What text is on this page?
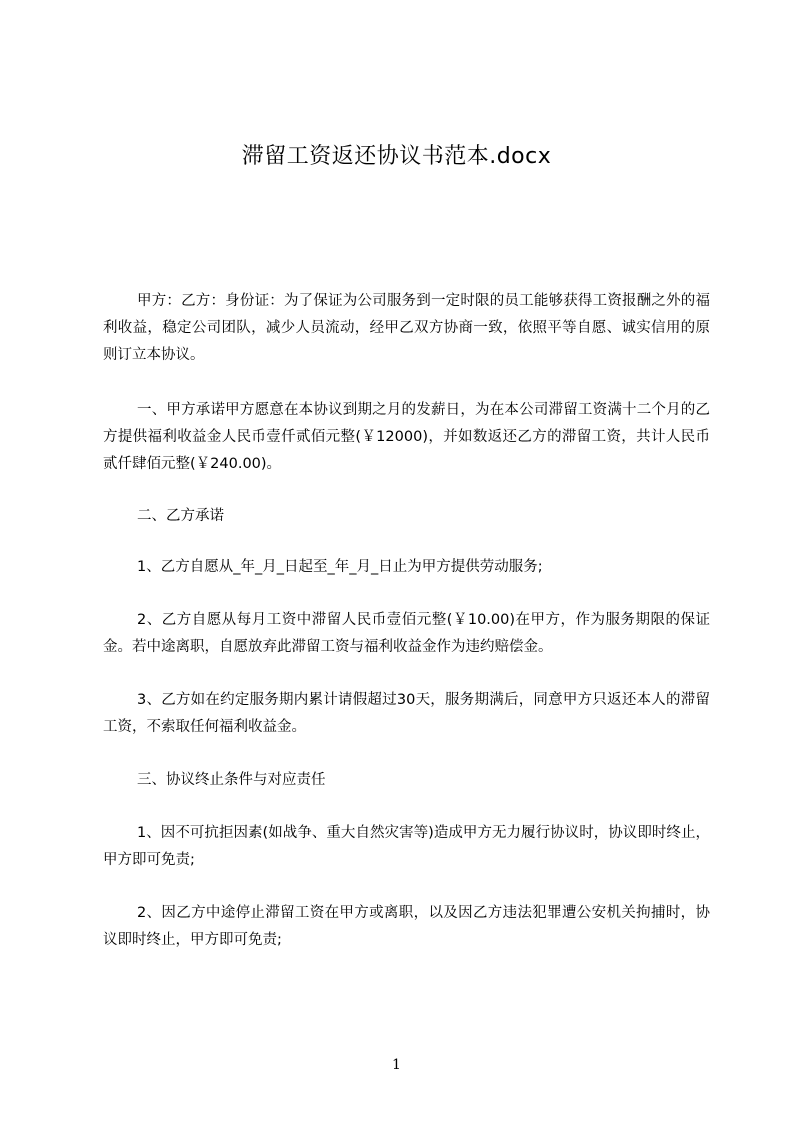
滞留工资返还协议书范本.docx
甲方：乙方：身份证：为了保证为公司服务到一定时限的员工能够获得工资报酬之外的福利收益，稳定公司团队，减少人员流动，经甲乙双方协商一致，依照平等自愿、诚实信用的原则订立本协议。
一、甲方承诺甲方愿意在本协议到期之月的发薪日，为在本公司滞留工资满十二个月的乙方提供福利收益金人民币壹仟贰佰元整(￥12000)，并如数返还乙方的滞留工资，共计人民币贰仟肆佰元整(￥240.00)。
二、乙方承诺
1、乙方自愿从_年_月_日起至_年_月_日止为甲方提供劳动服务;
2、乙方自愿从每月工资中滞留人民币壹佰元整(￥10.00)在甲方，作为服务期限的保证金。若中途离职，自愿放弃此滞留工资与福利收益金作为违约赔偿金。
3、乙方如在约定服务期内累计请假超过30天，服务期满后，同意甲方只返还本人的滞留工资，不索取任何福利收益金。
三、协议终止条件与对应责任
1、因不可抗拒因素(如战争、重大自然灾害等)造成甲方无力履行协议时，协议即时终止，甲方即可免责;
2、因乙方中途停止滞留工资在甲方或离职，以及因乙方违法犯罪遭公安机关拘捕时，协议即时终止，甲方即可免责;
1
